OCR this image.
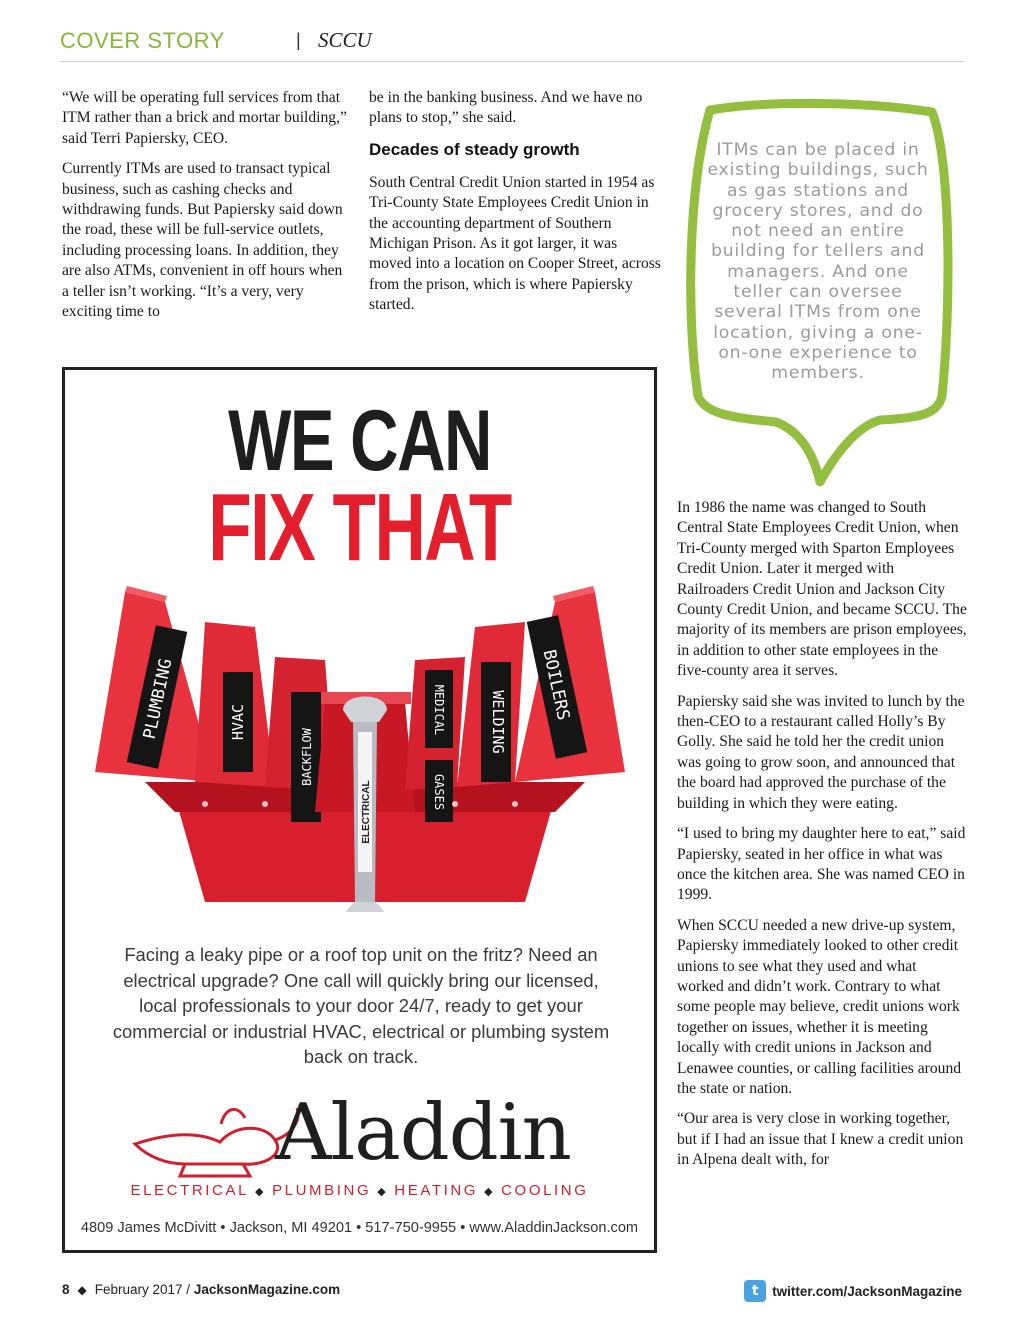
COVER STORY	| SCCU

“We will be operating full services from that ITM rather than a brick and mortar building,” said Terri Papiersky, CEO.

Currently ITMs are used to transact typical business, such as cashing checks and withdrawing funds. But Papiersky said down the road, these will be full-service outlets, including processing loans. In addition, they are also ATMs, convenient in off hours when a teller isn’t working. “It’s a very, very exciting time to

be in the banking business. And we have no plans to stop,” she said.

Decades of steady growth

South Central Credit Union started in 1954 as Tri-County State Employees Credit Union in the accounting department of Southern Michigan Prison. As it got larger, it was moved into a location on Cooper Street, across from the prison, which is where Papiersky started.

ITMs can be placed in existing buildings, such as gas stations and grocery stores, and do not need an entire building for tellers and managers. And one teller can oversee several ITMs from one location, giving a one-on-one experience to members.

In 1986 the name was changed to South Central State Employees Credit Union, when Tri-County merged with Sparton Employees Credit Union. Later it merged with Railroaders Credit Union and Jackson City County Credit Union, and became SCCU. The majority of its members are prison employees, in addition to other state employees in the five-county area it serves.

Papiersky said she was invited to lunch by the then-CEO to a restaurant called Holly’s By Golly. She said he told her the credit union was going to grow soon, and announced that the board had approved the purchase of the building in which they were eating.

“I used to bring my daughter here to eat,” said Papiersky, seated in her office in what was once the kitchen area. She was named CEO in 1999.

When SCCU needed a new drive-up system, Papiersky immediately looked to other credit unions to see what they used and what worked and didn’t work. Contrary to what some people may believe, credit unions work together on issues, whether it is meeting locally with credit unions in Jackson and Lenawee counties, or calling facilities around the state or nation.

“Our area is very close in working together, but if I had an issue that I knew a credit union in Alpena dealt with, for

WE CAN
FIX THAT
PLUMBING	HVAC
BACKFLOW
ELECTRICAL
MEDICAL
GASES
WELDING BOILERS
Facing a leaky pipe or a roof top unit on the fritz? Need an electrical upgrade? One call will quickly bring our licensed, local professionals to your door 24/7, ready to get your commercial or industrial HVAC, electrical or plumbing system back on track.
Aladdin
ELECTRICAL ◆ PLUMBING ◆ HEATING ◆ COOLING
4809 James McDivitt • Jackson, MI 49201 • 517-750-9955 • www.AladdinJackson.com
8 ◆ February 2017 / JacksonMagazine.com	t	twitter.com/JacksonMagazine
